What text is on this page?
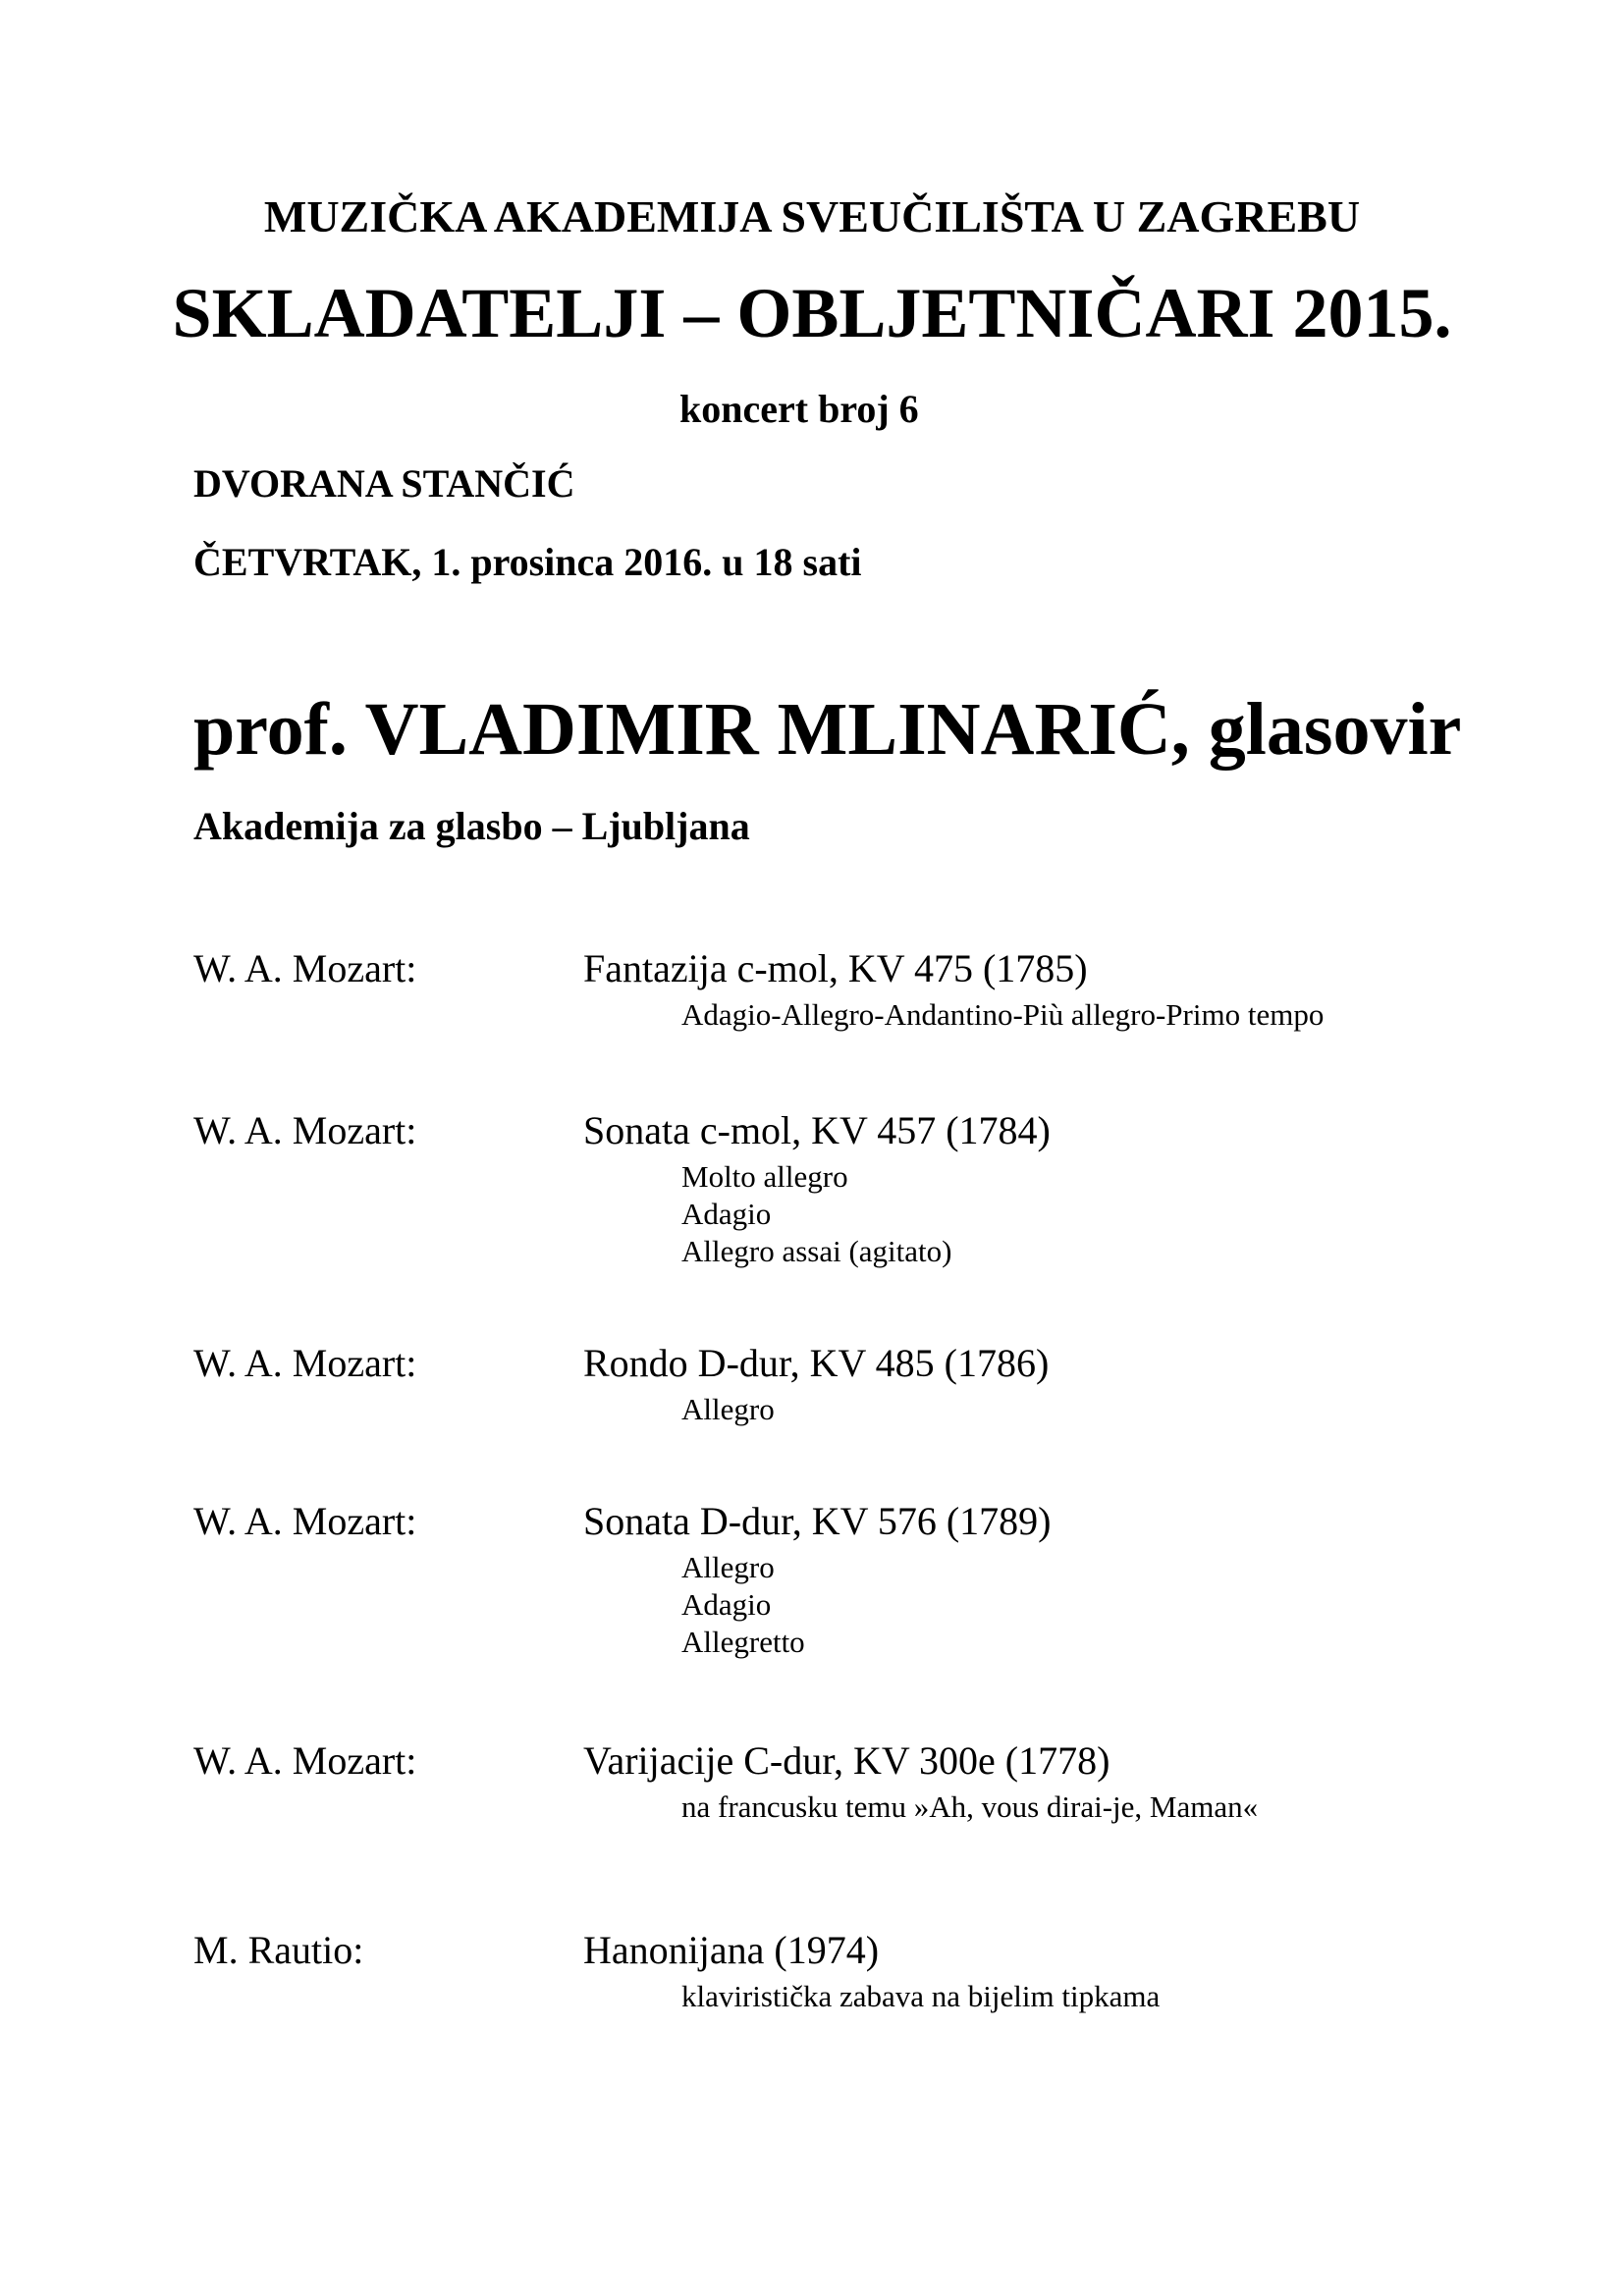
MUZIČKA AKADEMIJA SVEUČILIŠTA U ZAGREBU
SKLADATELJI – OBLJETNIČARI 2015.
koncert broj 6
DVORANA STANČIĆ
ČETVRTAK, 1. prosinca 2016. u 18 sati
prof. VLADIMIR MLINARIĆ, glasovir
Akademija za glasbo – Ljubljana
W. A. Mozart:	Fantazija c-mol, KV 475 (1785)
Adagio-Allegro-Andantino-Più allegro-Primo tempo
W. A. Mozart:	Sonata c-mol, KV 457 (1784)
Molto allegro
Adagio
Allegro assai (agitato)
W. A. Mozart:	Rondo D-dur, KV 485 (1786)
Allegro
W. A. Mozart:	Sonata D-dur, KV 576 (1789)
Allegro
Adagio
Allegretto
W. A. Mozart:	Varijacije C-dur, KV 300e (1778)
na francusku temu »Ah, vous dirai-je, Maman«
M. Rautio:	Hanonijana (1974)
klaviristička zabava na bijelim tipkama
